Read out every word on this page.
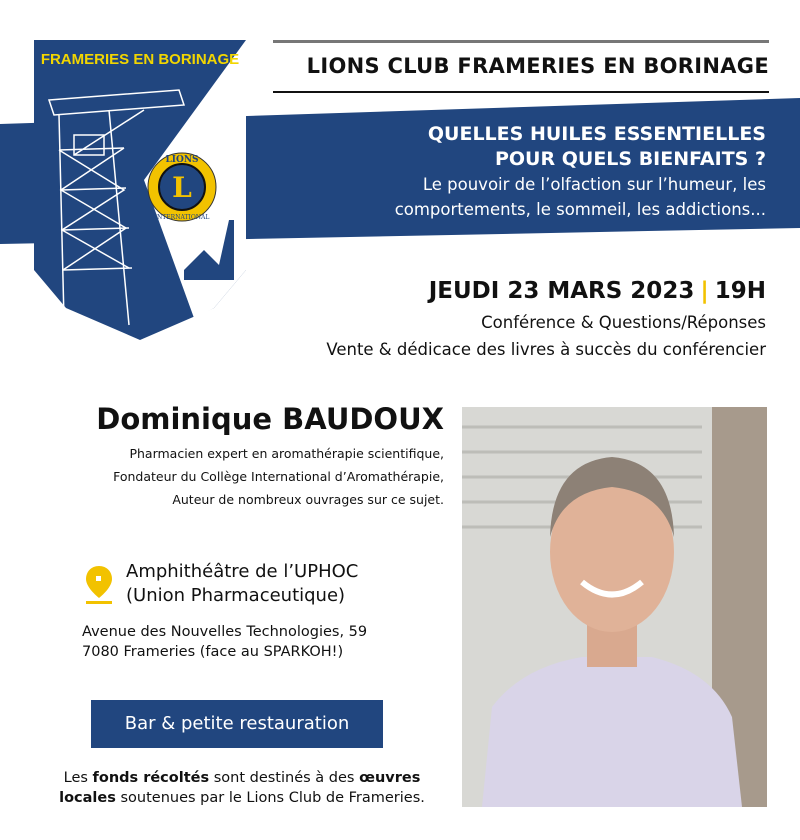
FRAMERIES EN BORINAGE
L
LIONS
INTERNATIONAL
LIONS CLUB FRAMERIES EN BORINAGE
QUELLES HUILES ESSENTIELLES
POUR QUELS BIENFAITS ?
Le pouvoir de l’olfaction sur l’humeur, les
comportements, le sommeil, les addictions...
JEUDI 23 MARS 2023 | 19H
Conférence & Questions/Réponses
Vente & dédicace des livres à succès du conférencier
Dominique BAUDOUX
Pharmacien expert en aromathérapie scientifique,
Fondateur du Collège International d’Aromathérapie,
Auteur de nombreux ouvrages sur ce sujet.
Amphithéâtre de l’UPHOC
(Union Pharmaceutique)
Avenue des Nouvelles Technologies, 59
7080 Frameries (face au SPARKOH!)
Bar & petite restauration
Les fonds récoltés sont destinés à des œuvres
locales soutenues par le Lions Club de Frameries.
